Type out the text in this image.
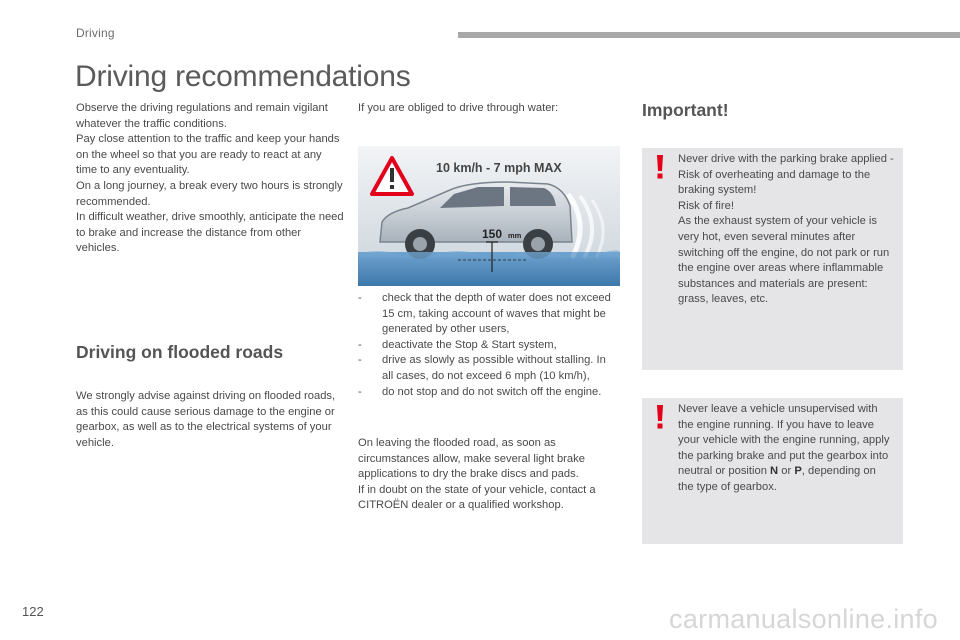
Driving
Driving recommendations

Observe the driving regulations and remain vigilant whatever the traffic conditions.

Pay close attention to the traffic and keep your hands on the wheel so that you are ready to react at any time to any eventuality.

On a long journey, a break every two hours is strongly recommended.

In difficult weather, drive smoothly, anticipate the need to brake and increase the distance from other vehicles.

Driving on flooded roads

We strongly advise against driving on flooded roads, as this could cause serious damage to the engine or gearbox, as well as to the electrical systems of your vehicle.

If you are obliged to drive through water:
10 km/h - 7 mph MAX
150 mm
- check that the depth of water does not exceed 15 cm, taking account of waves that might be generated by other users,
- deactivate the Stop & Start system,
- drive as slowly as possible without stalling. In all cases, do not exceed 6 mph (10 km/h),
- do not stop and do not switch off the engine.

On leaving the flooded road, as soon as circumstances allow, make several light brake applications to dry the brake discs and pads.

If in doubt on the state of your vehicle, contact a CITROËN dealer or a qualified workshop.

Important!

Never drive with the parking brake applied - Risk of overheating and damage to the braking system!

Risk of fire!

As the exhaust system of your vehicle is very hot, even several minutes after switching off the engine, do not park or run the engine over areas where inflammable substances and materials are present: grass, leaves, etc.

Never leave a vehicle unsupervised with the engine running. If you have to leave your vehicle with the engine running, apply the parking brake and put the gearbox into neutral or position N or P, depending on the type of gearbox.

122	carmanualsonline.info
